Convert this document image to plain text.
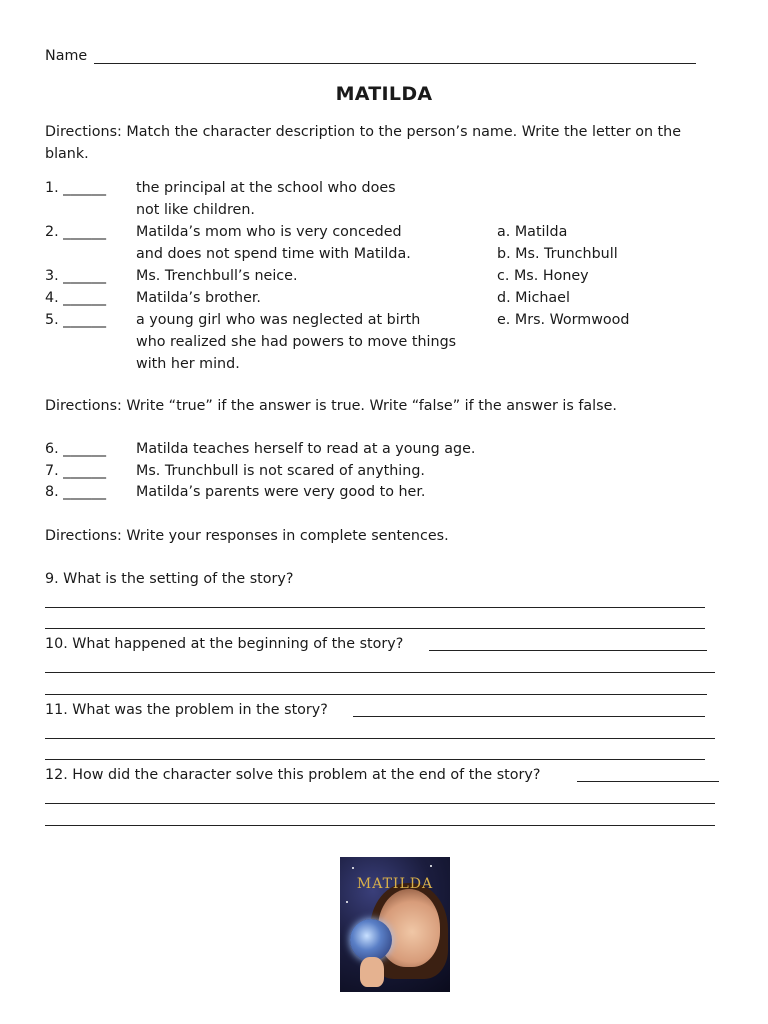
Name
MATILDA
Directions: Match the character description to the person’s name. Write the letter on the
blank.
1. ______	the principal at the school who does
not like children.
2. ______	Matilda’s mom who is very conceded
and does not spend time with Matilda.
3. ______	Ms. Trenchbull’s neice.
4. ______	Matilda’s brother.
5. ______	a young girl who was neglected at birth
who realized she had powers to move things
with her mind.
a. Matilda
b. Ms. Trunchbull
c. Ms. Honey
d. Michael
e. Mrs. Wormwood
Directions: Write “true” if the answer is true. Write “false” if the answer is false.
6. ______	Matilda teaches herself to read at a young age.
7. ______	Ms. Trunchbull is not scared of anything.
8. ______	Matilda’s parents were very good to her.
Directions: Write your responses in complete sentences.
9. What is the setting of the story?
10. What happened at the beginning of the story?
11. What was the problem in the story?
12. How did the character solve this problem at the end of the story?
MATILDA
